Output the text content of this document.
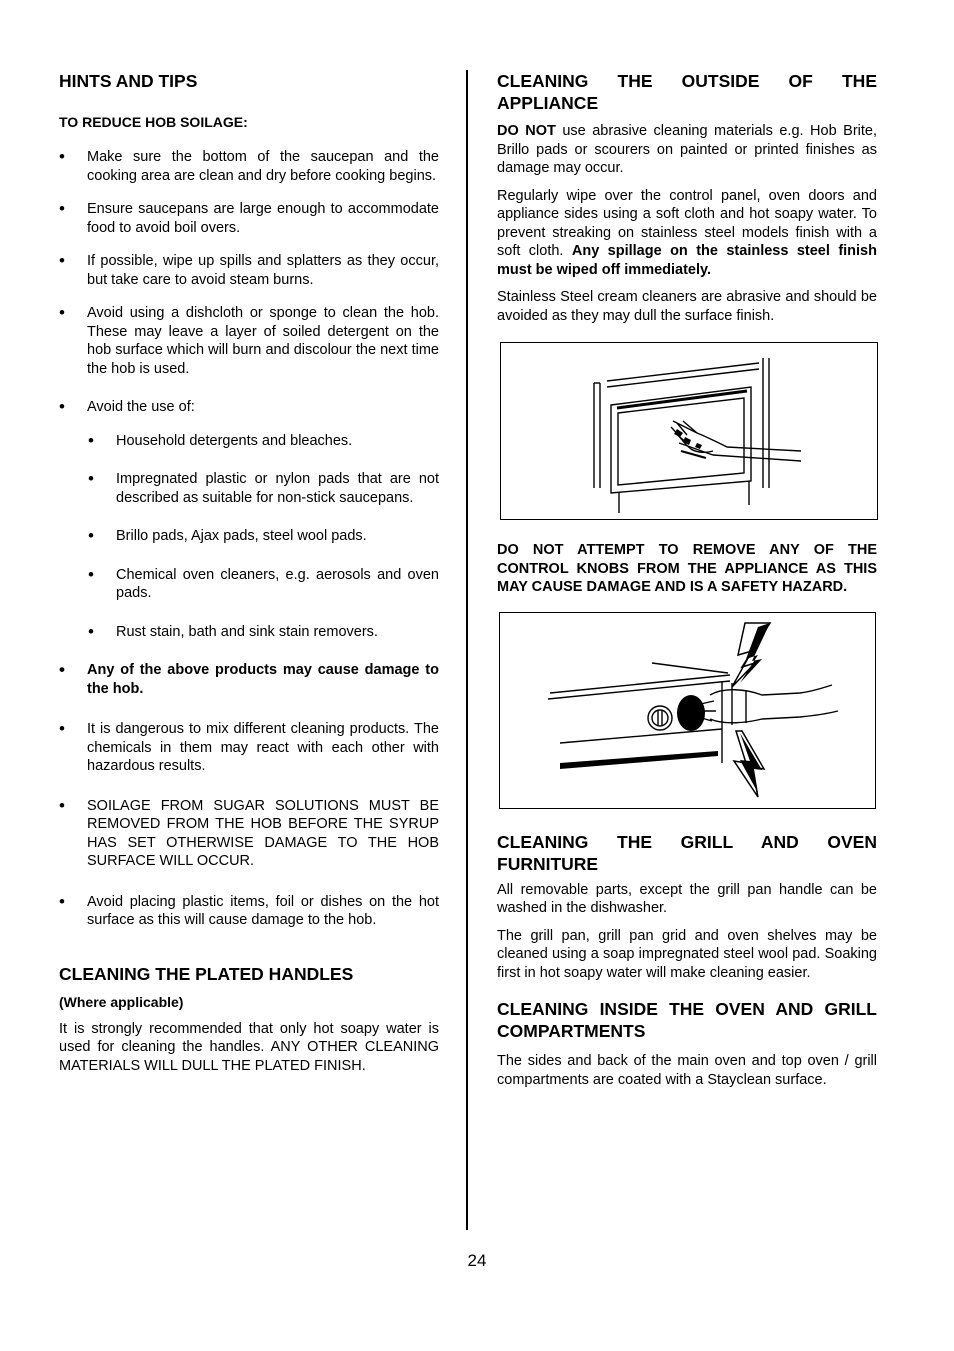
HINTS AND TIPS
TO REDUCE HOB SOILAGE:
• Make sure the bottom of the saucepan and the cooking area are clean and dry before cooking begins.
• Ensure saucepans are large enough to accommodate food to avoid boil overs.
• If possible, wipe up spills and splatters as they occur, but take care to avoid steam burns.
• Avoid using a dishcloth or sponge to clean the hob. These may leave a layer of soiled detergent on the hob surface which will burn and discolour the next time the hob is used.
• Avoid the use of:
• Household detergents and bleaches.
• Impregnated plastic or nylon pads that are not described as suitable for non-stick saucepans.
• Brillo pads, Ajax pads, steel wool pads.
• Chemical oven cleaners, e.g. aerosols and oven pads.
• Rust stain, bath and sink stain removers.
• Any of the above products may cause damage to the hob.
• It is dangerous to mix different cleaning products. The chemicals in them may react with each other with hazardous results.
• SOILAGE FROM SUGAR SOLUTIONS MUST BE REMOVED FROM THE HOB BEFORE THE SYRUP HAS SET OTHERWISE DAMAGE TO THE HOB SURFACE WILL OCCUR.
• Avoid placing plastic items, foil or dishes on the hot surface as this will cause damage to the hob.
CLEANING THE PLATED HANDLES
(Where applicable)

It is strongly recommended that only hot soapy water is used for cleaning the handles. ANY OTHER CLEANING MATERIALS WILL DULL THE PLATED FINISH.

CLEANING THE OUTSIDE OF THE APPLIANCE

DO NOT use abrasive cleaning materials e.g. Hob Brite, Brillo pads or scourers on painted or printed finishes as damage may occur.

Regularly wipe over the control panel, oven doors and appliance sides using a soft cloth and hot soapy water. To prevent streaking on stainless steel models finish with a soft cloth. Any spillage on the stainless steel finish must be wiped off immediately.

Stainless Steel cream cleaners are abrasive and should be avoided as they may dull the surface finish.

DO NOT ATTEMPT TO REMOVE ANY OF THE CONTROL KNOBS FROM THE APPLIANCE AS THIS MAY CAUSE DAMAGE AND IS A SAFETY HAZARD.

CLEANING THE GRILL AND OVEN FURNITURE

All removable parts, except the grill pan handle can be washed in the dishwasher.

The grill pan, grill pan grid and oven shelves may be cleaned using a soap impregnated steel wool pad. Soaking first in hot soapy water will make cleaning easier.

CLEANING INSIDE THE OVEN AND GRILL COMPARTMENTS

The sides and back of the main oven and top oven / grill compartments are coated with a Stayclean surface.

24
